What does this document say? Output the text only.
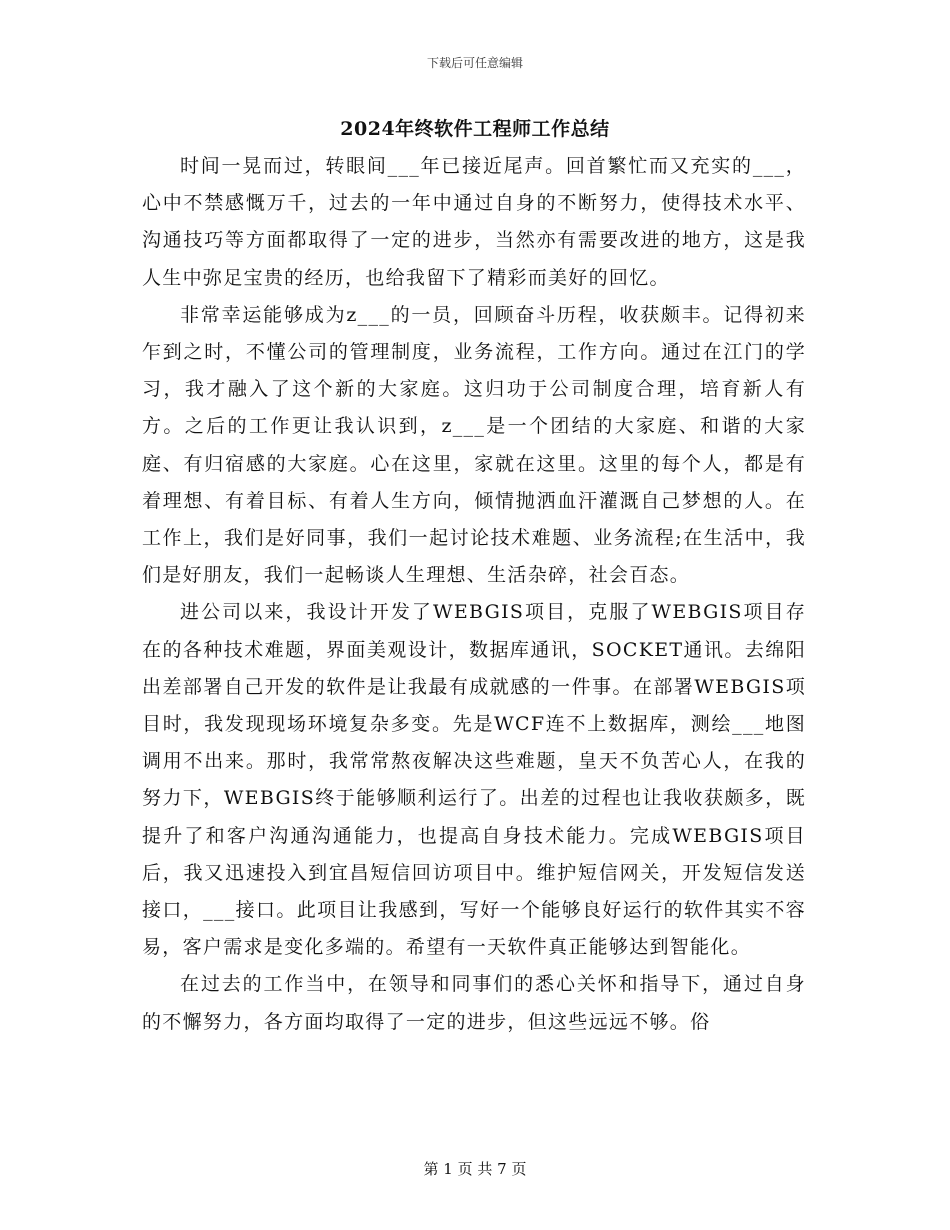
下载后可任意编辑
2024年终软件工程师工作总结

时间一晃而过，转眼间___年已接近尾声。回首繁忙而又充实的___，心中不禁感慨万千，过去的一年中通过自身的不断努力，使得技术水平、沟通技巧等方面都取得了一定的进步，当然亦有需要改进的地方，这是我人生中弥足宝贵的经历，也给我留下了精彩而美好的回忆。

非常幸运能够成为z___的一员，回顾奋斗历程，收获颇丰。记得初来乍到之时，不懂公司的管理制度，业务流程，工作方向。通过在江门的学习，我才融入了这个新的大家庭。这归功于公司制度合理，培育新人有方。之后的工作更让我认识到，z___是一个团结的大家庭、和谐的大家庭、有归宿感的大家庭。心在这里，家就在这里。这里的每个人，都是有着理想、有着目标、有着人生方向，倾情抛洒血汗灌溉自己梦想的人。在工作上，我们是好同事，我们一起讨论技术难题、业务流程;在生活中，我们是好朋友，我们一起畅谈人生理想、生活杂碎，社会百态。

进公司以来，我设计开发了WEBGIS项目，克服了WEBGIS项目存在的各种技术难题，界面美观设计，数据库通讯，SOCKET通讯。去绵阳出差部署自己开发的软件是让我最有成就感的一件事。在部署WEBGIS项目时，我发现现场环境复杂多变。先是WCF连不上数据库，测绘___地图调用不出来。那时，我常常熬夜解决这些难题，皇天不负苦心人，在我的努力下，WEBGIS终于能够顺利运行了。出差的过程也让我收获颇多，既提升了和客户沟通沟通能力，也提高自身技术能力。完成WEBGIS项目后，我又迅速投入到宜昌短信回访项目中。维护短信网关，开发短信发送接口，___接口。此项目让我感到，写好一个能够良好运行的软件其实不容易，客户需求是变化多端的。希望有一天软件真正能够达到智能化。

在过去的工作当中，在领导和同事们的悉心关怀和指导下，通过自身的不懈努力，各方面均取得了一定的进步，但这些远远不够。俗

第 1 页 共 7 页
